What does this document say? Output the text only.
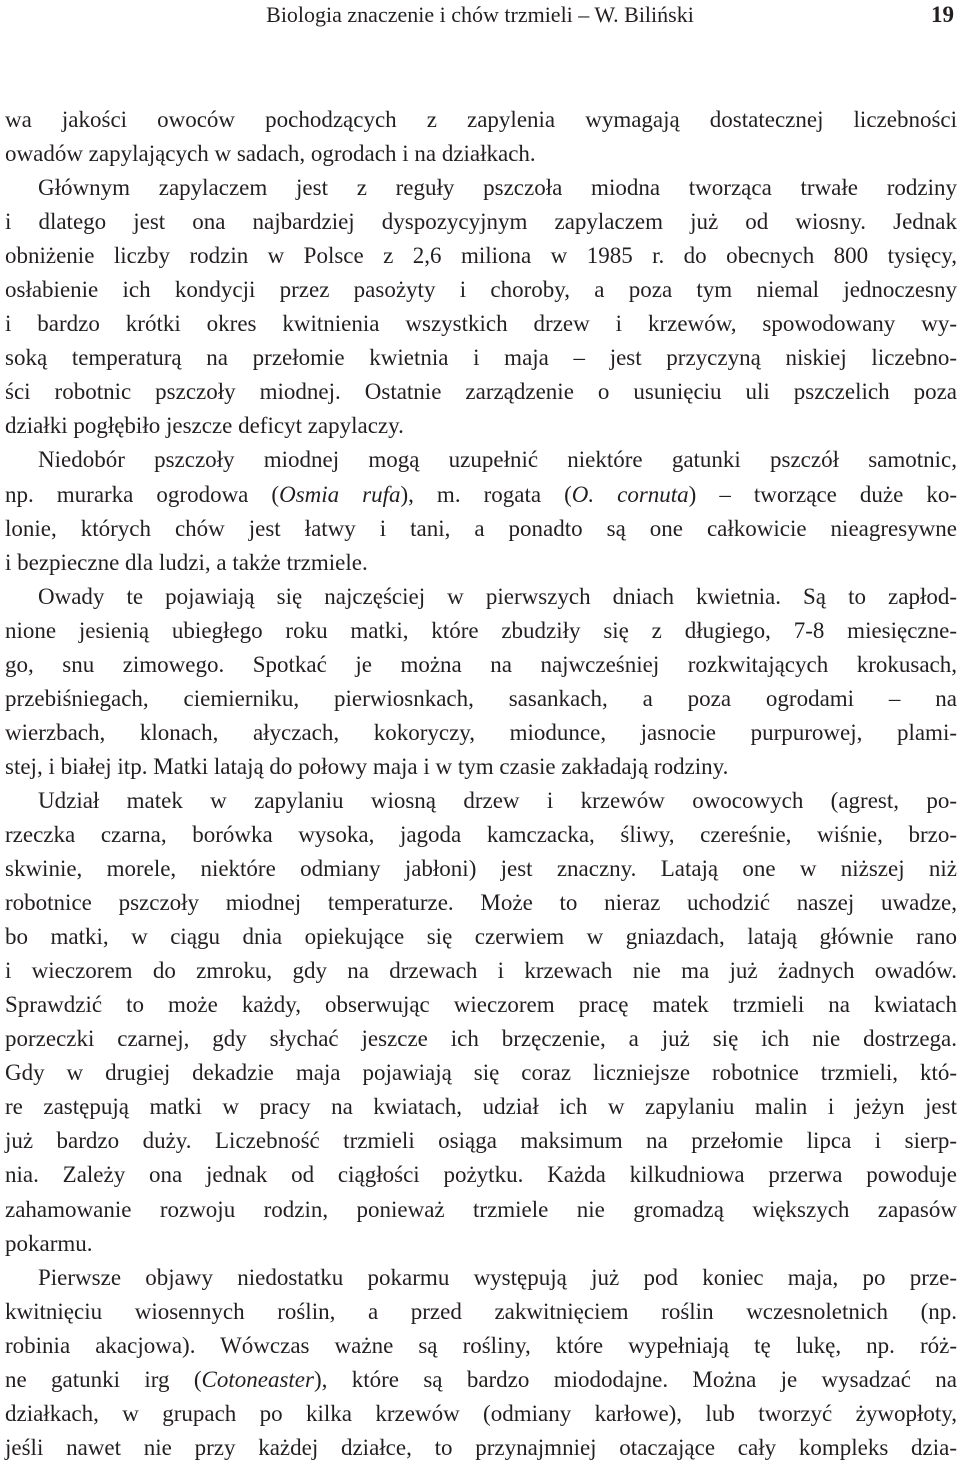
Biologia znaczenie i chów trzmieli – W. Biliński	19
wa jakości owoców pochodzących z zapylenia wymagają dostatecznej liczebności
owadów zapylających w sadach, ogrodach i na działkach.
Głównym zapylaczem jest z reguły pszczoła miodna tworząca trwałe rodziny
i dlatego jest ona najbardziej dyspozycyjnym zapylaczem już od wiosny. Jednak
obniżenie liczby rodzin w Polsce z 2,6 miliona w 1985 r. do obecnych 800 tysięcy,
osłabienie ich kondycji przez pasożyty i choroby, a poza tym niemal jednoczesny
i bardzo krótki okres kwitnienia wszystkich drzew i krzewów, spowodowany wy-
soką temperaturą na przełomie kwietnia i maja – jest przyczyną niskiej liczebno-
ści robotnic pszczoły miodnej. Ostatnie zarządzenie o usunięciu uli pszczelich poza
działki pogłębiło jeszcze deficyt zapylaczy.
Niedobór pszczoły miodnej mogą uzupełnić niektóre gatunki pszczół samotnic,
np. murarka ogrodowa (Osmia rufa), m. rogata (O. cornuta) – tworzące duże ko-
lonie, których chów jest łatwy i tani, a ponadto są one całkowicie nieagresywne
i bezpieczne dla ludzi, a także trzmiele.
Owady te pojawiają się najczęściej w pierwszych dniach kwietnia. Są to zapłod-
nione jesienią ubiegłego roku matki, które zbudziły się z długiego, 7-8 miesięczne-
go, snu zimowego. Spotkać je można na najwcześniej rozkwitających krokusach,
przebiśniegach, ciemierniku, pierwiosnkach, sasankach, a poza ogrodami – na
wierzbach, klonach, ałyczach, kokoryczy, miodunce, jasnocie purpurowej, plami-
stej, i białej itp. Matki latają do połowy maja i w tym czasie zakładają rodziny.
Udział matek w zapylaniu wiosną drzew i krzewów owocowych (agrest, po-
rzeczka czarna, borówka wysoka, jagoda kamczacka, śliwy, czereśnie, wiśnie, brzo-
skwinie, morele, niektóre odmiany jabłoni) jest znaczny. Latają one w niższej niż
robotnice pszczoły miodnej temperaturze. Może to nieraz uchodzić naszej uwadze,
bo matki, w ciągu dnia opiekujące się czerwiem w gniazdach, latają głównie rano
i wieczorem do zmroku, gdy na drzewach i krzewach nie ma już żadnych owadów.
Sprawdzić to może każdy, obserwując wieczorem pracę matek trzmieli na kwiatach
porzeczki czarnej, gdy słychać jeszcze ich brzęczenie, a już się ich nie dostrzega.
Gdy w drugiej dekadzie maja pojawiają się coraz liczniejsze robotnice trzmieli, któ-
re zastępują matki w pracy na kwiatach, udział ich w zapylaniu malin i jeżyn jest
już bardzo duży. Liczebność trzmieli osiąga maksimum na przełomie lipca i sierp-
nia. Zależy ona jednak od ciągłości pożytku. Każda kilkudniowa przerwa powoduje
zahamowanie rozwoju rodzin, ponieważ trzmiele nie gromadzą większych zapasów
pokarmu.
Pierwsze objawy niedostatku pokarmu występują już pod koniec maja, po prze-
kwitnięciu wiosennych roślin, a przed zakwitnięciem roślin wczesnoletnich (np.
robinia akacjowa). Wówczas ważne są rośliny, które wypełniają tę lukę, np. róż-
ne gatunki irg (Cotoneaster), które są bardzo miododajne. Można je wysadzać na
działkach, w grupach po kilka krzewów (odmiany karłowe), lub tworzyć żywopłoty,
jeśli nawet nie przy każdej działce, to przynajmniej otaczające cały kompleks dzia-
